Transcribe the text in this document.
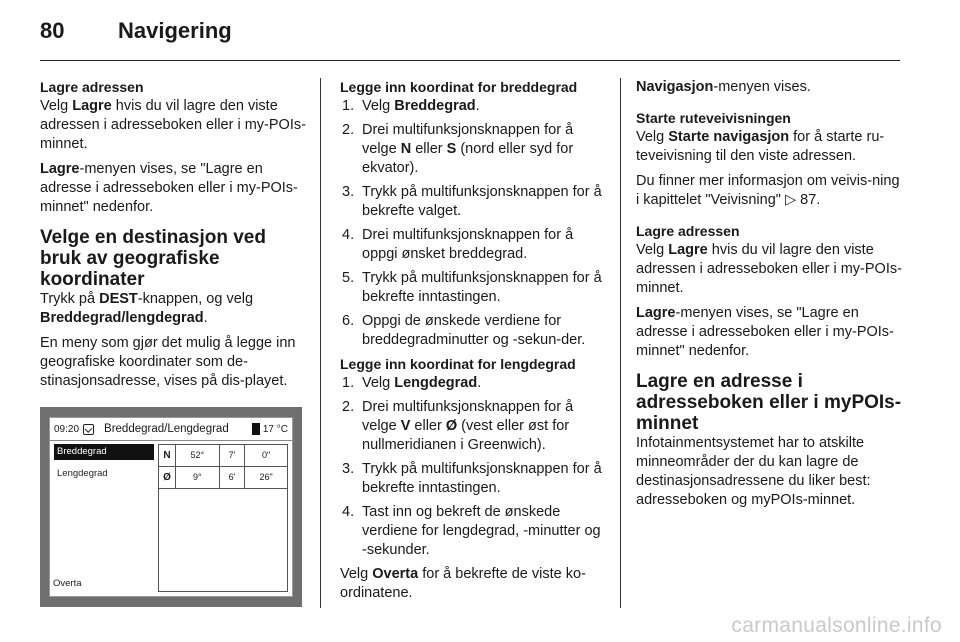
80 Navigering
Lagre adressen

Velg Lagre hvis du vil lagre den viste adressen i adresseboken eller i my-POIs-minnet.

Lagre-menyen vises, se "Lagre en adresse i adresseboken eller i my-POIs-minnet" nedenfor.

Velge en destinasjon ved bruk av geografiske koordinater

Trykk på DEST-knappen, og velg Breddegrad/lengdegrad.

En meny som gjør det mulig å legge inn geografiske koordinater som de-stinasjonsadresse, vises på dis-playet.

09:20 Breddegrad/Lengdegrad	17 °C
Breddegrad
Lengdegrad
Overta
N	52°	7'	0"
Ø	9°	6'	26"
Legge inn koordinat for breddegrad
1. Velg Breddegrad.
2. Drei multifunksjonsknappen for å velge N eller S (nord eller syd for ekvator).
3. Trykk på multifunksjonsknappen for å bekrefte valget.
4. Drei multifunksjonsknappen for å oppgi ønsket breddegrad.
5. Trykk på multifunksjonsknappen for å bekrefte inntastingen.
6. Oppgi de ønskede verdiene for breddegradminutter og -sekun-der.
Legge inn koordinat for lengdegrad
1. Velg Lengdegrad.
2. Drei multifunksjonsknappen for å velge V eller Ø (vest eller øst for nullmeridianen i Greenwich).
3. Trykk på multifunksjonsknappen for å bekrefte inntastingen.
4. Tast inn og bekreft de ønskede verdiene for lengdegrad, -minutter og -sekunder.

Velg Overta for å bekrefte de viste ko-ordinatene.

Navigasjon-menyen vises.

Starte ruteveivisningen

Velg Starte navigasjon for å starte ru-teveivisning til den viste adressen.

Du finner mer informasjon om veivis-ning i kapittelet "Veivisning" ▷ 87.

Lagre adressen

Velg Lagre hvis du vil lagre den viste adressen i adresseboken eller i my-POIs-minnet.

Lagre-menyen vises, se "Lagre en adresse i adresseboken eller i my-POIs-minnet" nedenfor.

Lagre en adresse i adresseboken eller i myPOIs-minnet

Infotainmentsystemet har to atskilte minneområder der du kan lagre de destinasjonsadressene du liker best: adresseboken og myPOIs-minnet.

carmanualsonline.info
